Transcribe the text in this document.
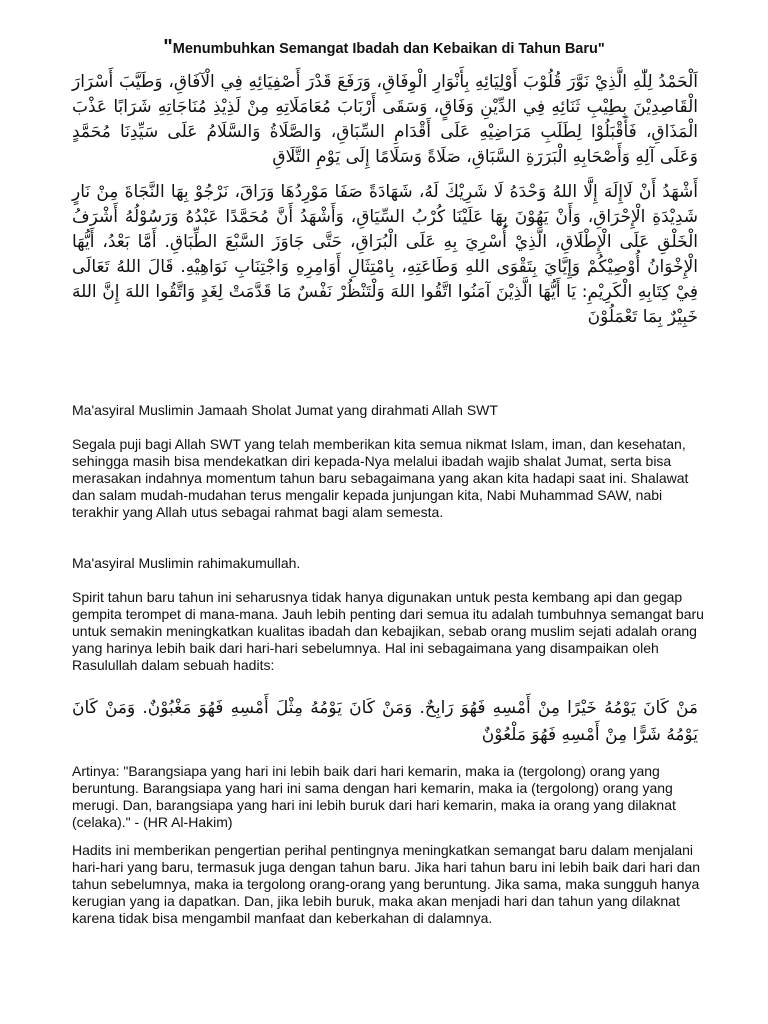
"Menumbuhkan Semangat Ibadah dan Kebaikan di Tahun Baru"
اَلْحَمْدُ لِلّٰهِ الَّذِيْ نَوَّرَ قُلُوْبَ أَوْلِيَائِهِ بِأَنْوَارِ الْوِفَاقِ، وَرَفَعَ قَدْرَ أَصْفِيَائِهِ فِي الْآفَاقِ، وَطَيَّبَ أَسْرَارَ الْقَاصِدِيْنَ بِطِيْبِ ثَنَائِهِ فِي الدِّيْنِ وَفَاقٍ، وَسَقَى أَرْبَابَ مُعَامَلَاتِهِ مِنْ لَذِيْذِ مُنَاجَاتِهِ شَرَابًا عَذْبَ الْمَذَاقِ، فَأَقْبَلُوْا لِطَلَبِ مَرَاضِيْهِ عَلَى أَقْدَامِ السِّبَاقِ، وَالصَّلَاةُ وَالسَّلَامُ عَلَى سَيِّدِنَا مُحَمَّدٍ وَعَلَى آلِهِ وَأَصْحَابِهِ الْبَرَرَةِ السَّبَاقِ، صَلَاةً وَسَلَامًا إِلَى يَوْمِ التَّلَاقِ
أَشْهَدُ أَنْ لَاإِلَهَ إِلَّا اللهُ وَحْدَهُ لَا شَرِيْكَ لَهُ، شَهَادَةً صَفَا مَوْرِدُهَا وَرَاقَ، نَرْجُوْ بِهَا النَّجَاةَ مِنْ نَارٍ شَدِيْدَةِ الْإِحْرَاقِ، وَأَنْ يَهُوْنَ بِهَا عَلَيْنَا كُرْبُ السِّيَاقِ، وَأَشْهَدُ أَنَّ مُحَمَّدًا عَبْدُهُ وَرَسُوْلُهُ أَشْرَفُ الْخَلْقِ عَلَى الْإِطْلَاقِ، الَّذِيْ أُسْرِيَ بِهِ عَلَى الْبُرَاقِ، حَتَّى جَاوَزَ السَّبْعَ الطِّبَاقِ. أَمَّا بَعْدُ، أَيُّهَا الْإِخْوَانُ أُوْصِيْكُمْ وَإِيَّايَ بِتَقْوَى اللهِ وَطَاعَتِهِ، بِامْتِثَالِ أَوَامِرِهِ وَاجْتِنَابِ نَوَاهِيْهِ. قَالَ اللهُ تَعَالَى فِيْ كِتَابِهِ الْكَرِيْمِ: يَا أَيُّهَا الَّذِيْنَ آمَنُوا اتَّقُوا اللهَ وَلْتَنْظُرْ نَفْسٌ مَا قَدَّمَتْ لِغَدٍ وَاتَّقُوا اللهَ إِنَّ اللهَ خَبِيْرٌ بِمَا تَعْمَلُوْنَ

Ma'asyiral Muslimin Jamaah Sholat Jumat yang dirahmati Allah SWT

Segala puji bagi Allah SWT yang telah memberikan kita semua nikmat Islam, iman, dan kesehatan, sehingga masih bisa mendekatkan diri kepada-Nya melalui ibadah wajib shalat Jumat, serta bisa merasakan indahnya momentum tahun baru sebagaimana yang akan kita hadapi saat ini. Shalawat dan salam mudah-mudahan terus mengalir kepada junjungan kita, Nabi Muhammad SAW, nabi terakhir yang Allah utus sebagai rahmat bagi alam semesta.

Ma'asyiral Muslimin rahimakumullah.

Spirit tahun baru tahun ini seharusnya tidak hanya digunakan untuk pesta kembang api dan gegap gempita terompet di mana-mana. Jauh lebih penting dari semua itu adalah tumbuhnya semangat baru untuk semakin meningkatkan kualitas ibadah dan kebajikan, sebab orang muslim sejati adalah orang yang harinya lebih baik dari hari-hari sebelumnya. Hal ini sebagaimana yang disampaikan oleh Rasulullah dalam sebuah hadits:

مَنْ كَانَ يَوْمُهُ خَيْرًا مِنْ أَمْسِهِ فَهُوَ رَابِحٌ. وَمَنْ كَانَ يَوْمُهُ مِثْلَ أَمْسِهِ فَهُوَ مَغْبُوْنٌ. وَمَنْ كَانَ يَوْمُهُ شَرًّا مِنْ أَمْسِهِ فَهُوَ مَلْعُوْنٌ

Artinya: "Barangsiapa yang hari ini lebih baik dari hari kemarin, maka ia (tergolong) orang yang beruntung. Barangsiapa yang hari ini sama dengan hari kemarin, maka ia (tergolong) orang yang merugi. Dan, barangsiapa yang hari ini lebih buruk dari hari kemarin, maka ia orang yang dilaknat (celaka)." - (HR Al-Hakim)

Hadits ini memberikan pengertian perihal pentingnya meningkatkan semangat baru dalam menjalani hari-hari yang baru, termasuk juga dengan tahun baru. Jika hari tahun baru ini lebih baik dari hari dan tahun sebelumnya, maka ia tergolong orang-orang yang beruntung. Jika sama, maka sungguh hanya kerugian yang ia dapatkan. Dan, jika lebih buruk, maka akan menjadi hari dan tahun yang dilaknat karena tidak bisa mengambil manfaat dan keberkahan di dalamnya.
